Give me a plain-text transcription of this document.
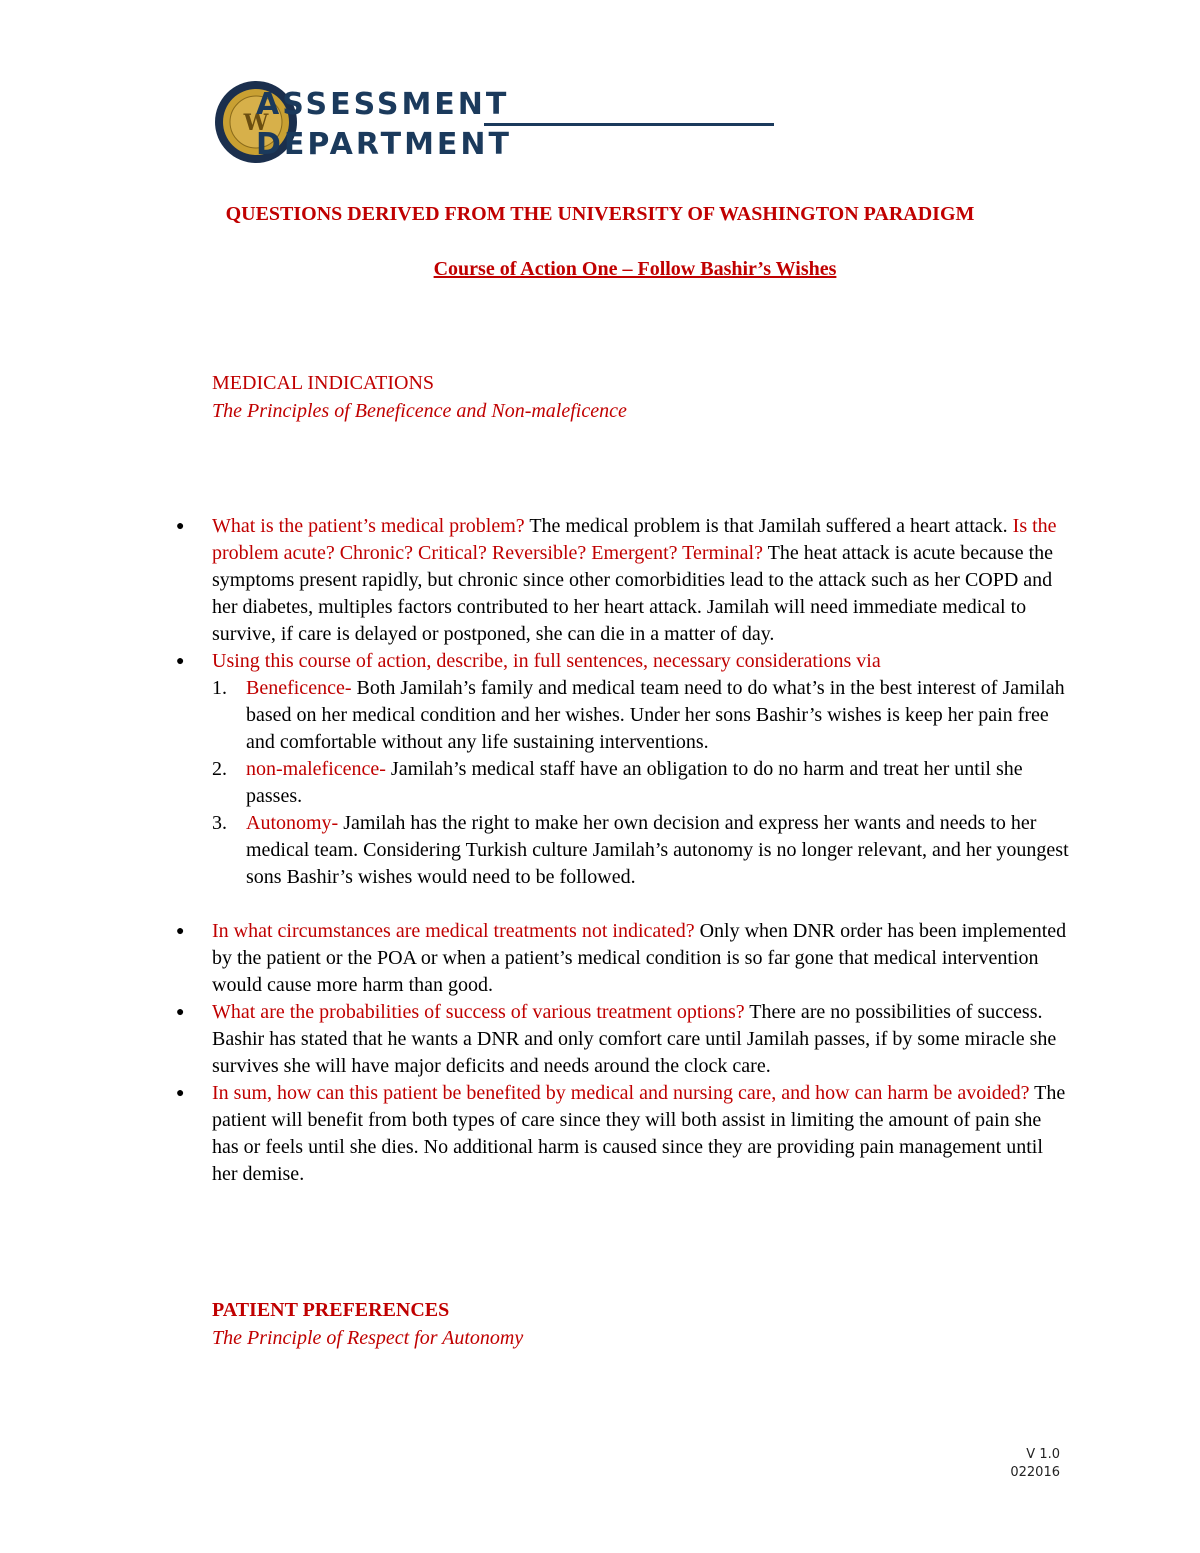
W
ASSESSMENT
DEPARTMENT
QUESTIONS DERIVED FROM THE UNIVERSITY OF WASHINGTON PARADIGM
Course of Action One – Follow Bashir’s Wishes
MEDICAL INDICATIONS
The Principles of Beneficence and Non-maleficence
● What is the patient’s medical problem? The medical problem is that Jamilah suffered a heart attack. Is the problem acute? Chronic? Critical? Reversible? Emergent? Terminal? The heat attack is acute because the symptoms present rapidly, but chronic since other comorbidities lead to the attack such as her COPD and her diabetes, multiples factors contributed to her heart attack. Jamilah will need immediate medical to survive, if care is delayed or postponed, she can die in a matter of day.
● Using this course of action, describe, in full sentences, necessary considerations via
1. Beneficence- Both Jamilah’s family and medical team need to do what’s in the best interest of Jamilah based on her medical condition and her wishes. Under her sons Bashir’s wishes is keep her pain free and comfortable without any life sustaining interventions.
2. non-maleficence- Jamilah’s medical staff have an obligation to do no harm and treat her until she passes.
3. Autonomy- Jamilah has the right to make her own decision and express her wants and needs to her medical team. Considering Turkish culture Jamilah’s autonomy is no longer relevant, and her youngest sons Bashir’s wishes would need to be followed.
● In what circumstances are medical treatments not indicated? Only when DNR order has been implemented by the patient or the POA or when a patient’s medical condition is so far gone that medical intervention would cause more harm than good.
● What are the probabilities of success of various treatment options? There are no possibilities of success. Bashir has stated that he wants a DNR and only comfort care until Jamilah passes, if by some miracle she survives she will have major deficits and needs around the clock care.
● In sum, how can this patient be benefited by medical and nursing care, and how can harm be avoided? The patient will benefit from both types of care since they will both assist in limiting the amount of pain she has or feels until she dies. No additional harm is caused since they are providing pain management until her demise.
PATIENT PREFERENCES
The Principle of Respect for Autonomy
V 1.0
022016
